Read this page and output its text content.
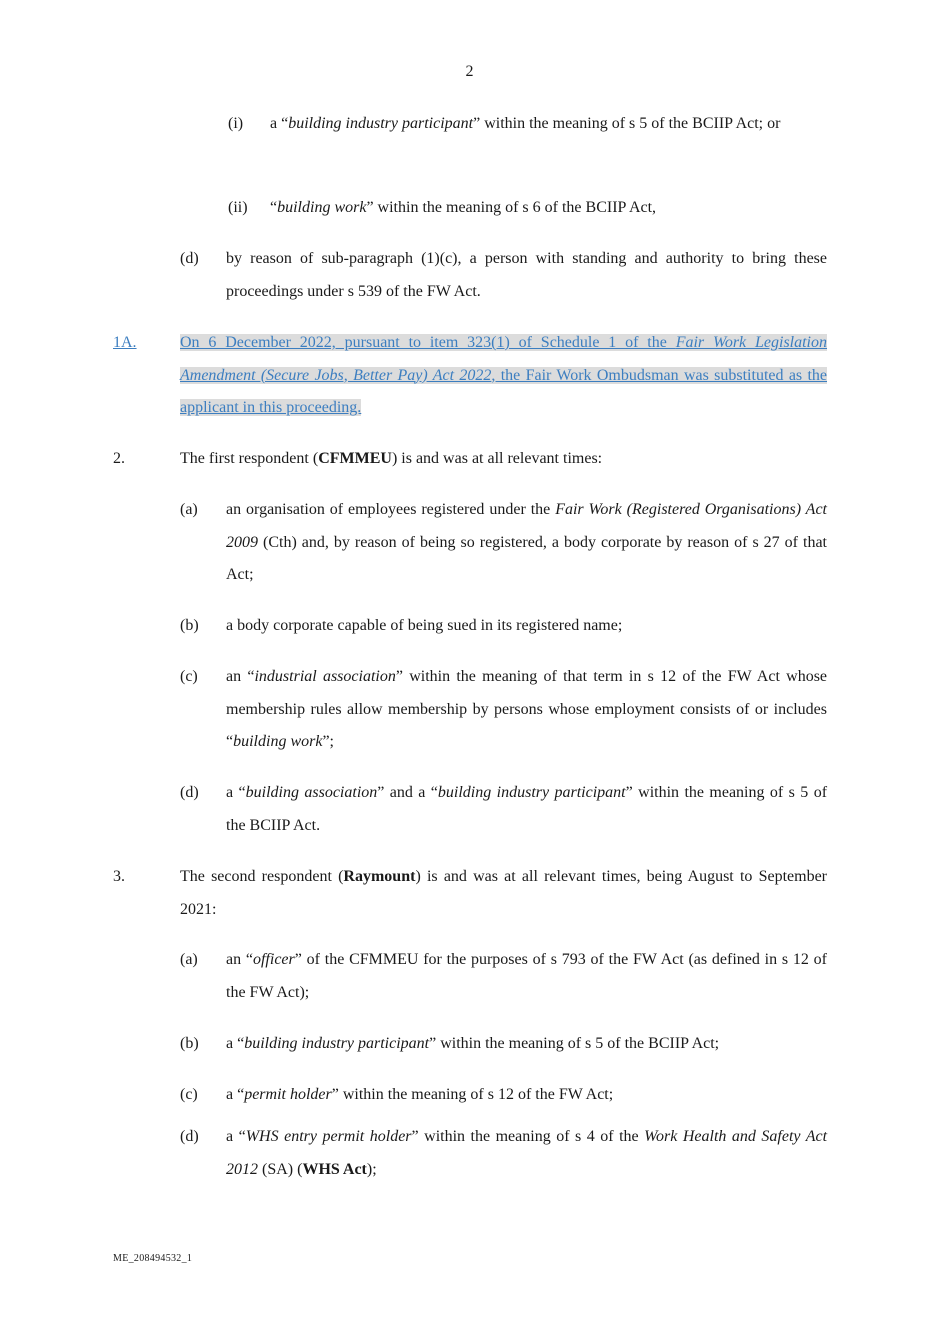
2
(i) a “building industry participant” within the meaning of s 5 of the BCIIP Act; or

(ii) “building work” within the meaning of s 6 of the BCIIP Act,

(d) by reason of sub-paragraph (1)(c), a person with standing and authority to bring these proceedings under s 539 of the FW Act.

1A.	On 6 December 2022, pursuant to item 323(1) of Schedule 1 of the Fair Work Legislation Amendment (Secure Jobs, Better Pay) Act 2022, the Fair Work Ombudsman was substituted as the applicant in this proceeding.

2.	The first respondent (CFMMEU) is and was at all relevant times:

(a) an organisation of employees registered under the Fair Work (Registered Organisations) Act 2009 (Cth) and, by reason of being so registered, a body corporate by reason of s 27 of that Act;

(b) a body corporate capable of being sued in its registered name;

(c) an “industrial association” within the meaning of that term in s 12 of the FW Act whose membership rules allow membership by persons whose employment consists of or includes “building work”;

(d) a “building association” and a “building industry participant” within the meaning of s 5 of the BCIIP Act.

3.	The second respondent (Raymount) is and was at all relevant times, being August to September 2021:

(a) an “officer” of the CFMMEU for the purposes of s 793 of the FW Act (as defined in s 12 of the FW Act);

(b) a “building industry participant” within the meaning of s 5 of the BCIIP Act;

(c) a “permit holder” within the meaning of s 12 of the FW Act;

(d) a “WHS entry permit holder” within the meaning of s 4 of the Work Health and Safety Act 2012 (SA) (WHS Act);

ME_208494532_1
